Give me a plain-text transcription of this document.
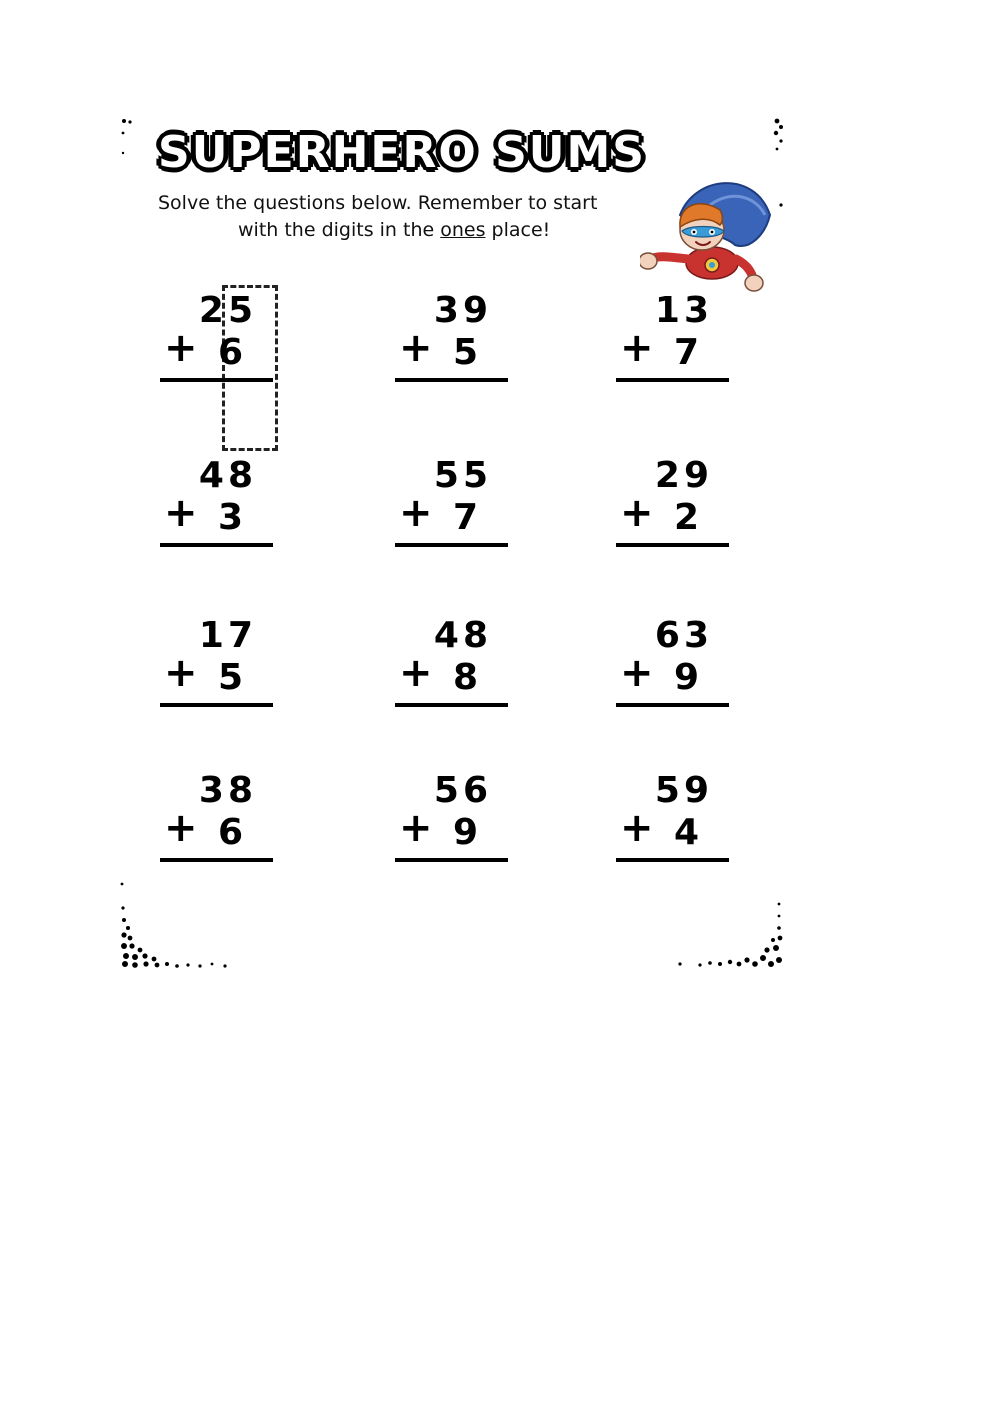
SUPERHERO SUMS
Solve the questions below. Remember to start
with the digits in the ones place!
25
+ 6
39
+ 5
13
+ 7
48
+ 3
55
+ 7
29
+ 2
17
+ 5
48
+ 8
63
+ 9
38
+ 6
56
+ 9
59
+ 4
